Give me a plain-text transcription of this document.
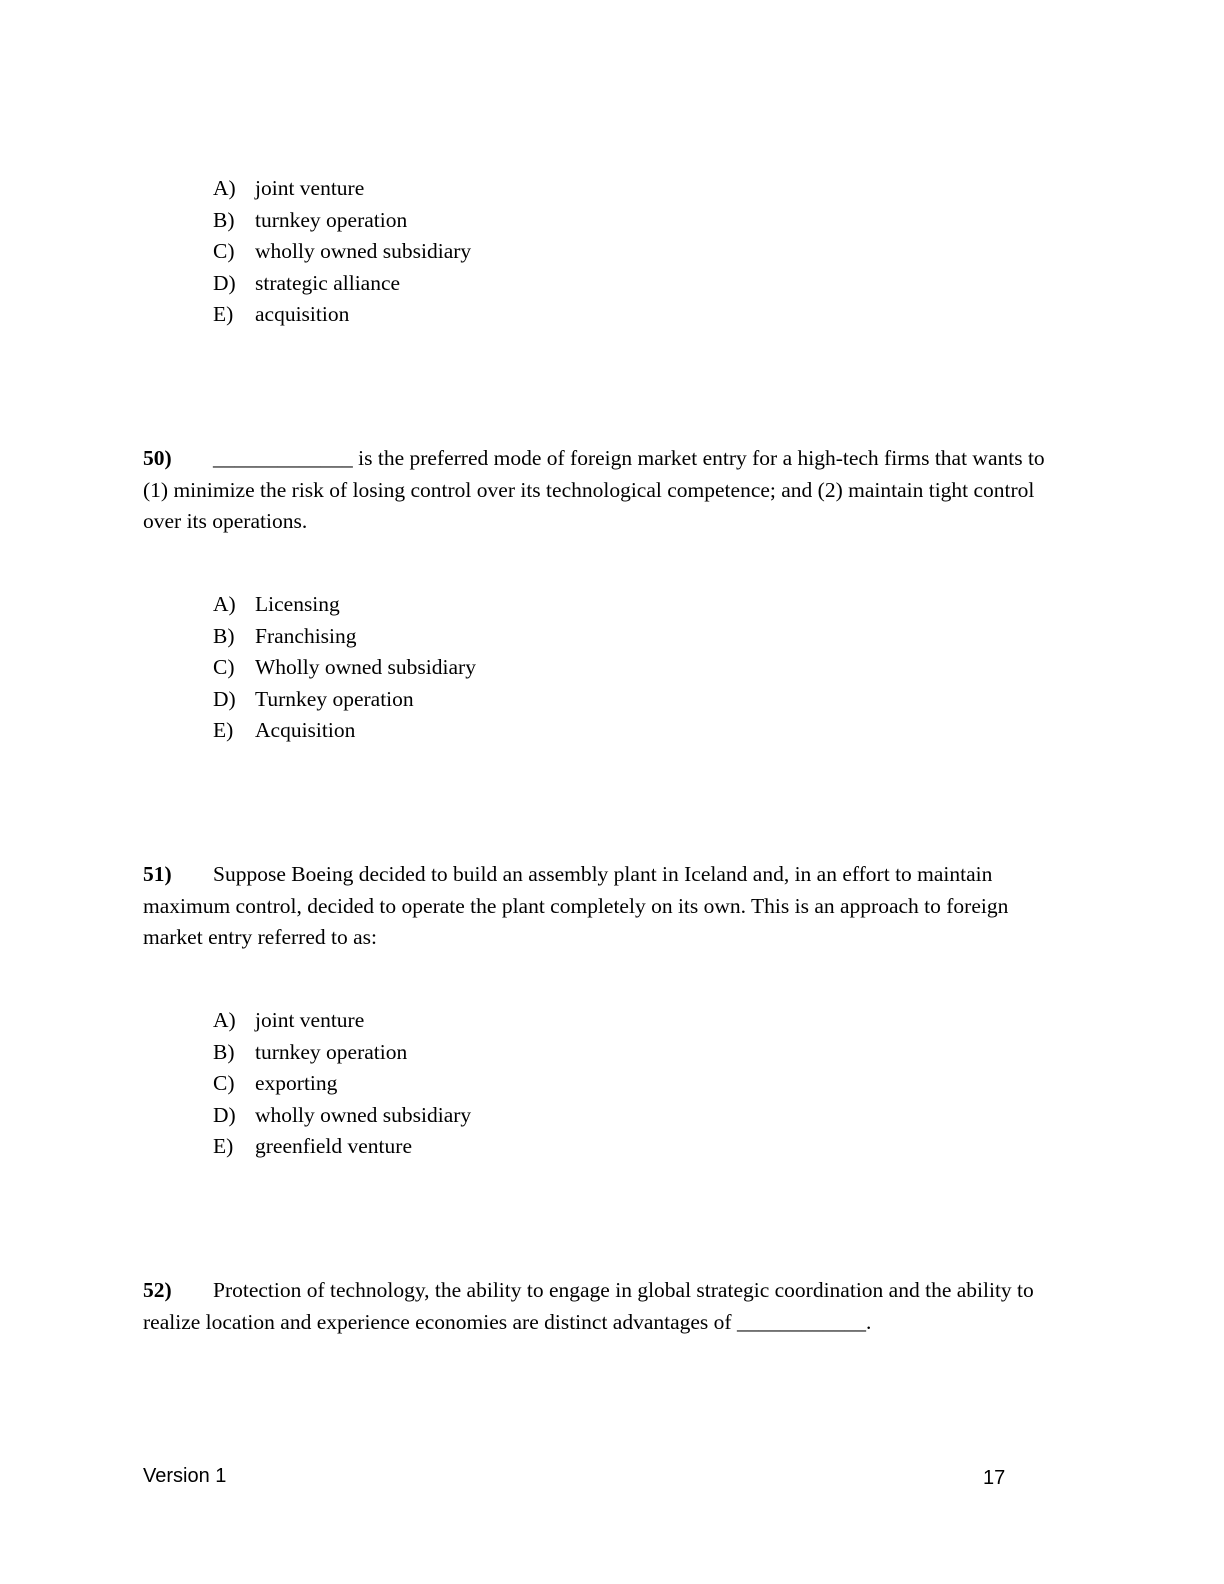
A) joint venture
B) turnkey operation
C) wholly owned subsidiary
D) strategic alliance
E) acquisition
50) _____________ is the preferred mode of foreign market entry for a high-tech firms that wants to (1) minimize the risk of losing control over its technological competence; and (2) maintain tight control over its operations.
A) Licensing
B) Franchising
C) Wholly owned subsidiary
D) Turnkey operation
E) Acquisition
51) Suppose Boeing decided to build an assembly plant in Iceland and, in an effort to maintain maximum control, decided to operate the plant completely on its own. This is an approach to foreign market entry referred to as:
A) joint venture
B) turnkey operation
C) exporting
D) wholly owned subsidiary
E) greenfield venture
52) Protection of technology, the ability to engage in global strategic coordination and the ability to realize location and experience economies are distinct advantages of ____________.
Version 1	17
